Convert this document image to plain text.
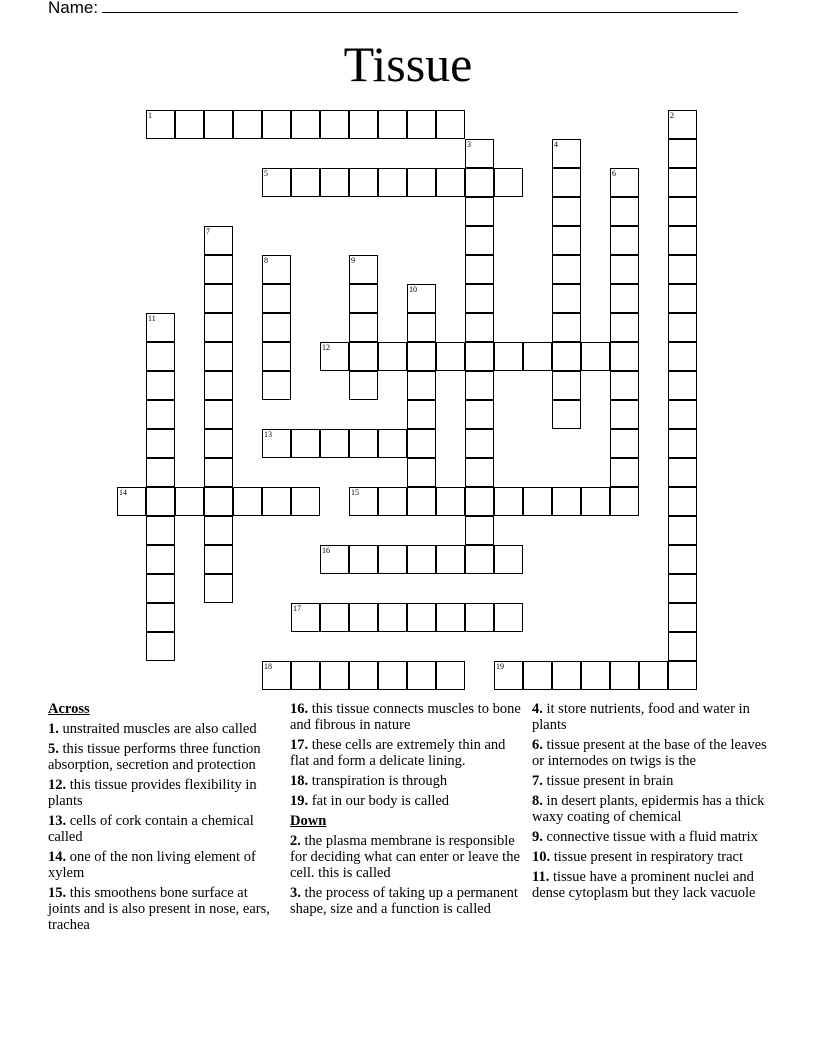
Name:
Tissue
1	2
3	4
5	6
7
8	9
10
11
12
13
14	15
16
17
18	19
Across
1. unstraited muscles are also called
5. this tissue performs three function absorption, secretion and protection
12. this tissue provides flexibility in plants
13. cells of cork contain a chemical called
14. one of the non living element of xylem
15. this smoothens bone surface at joints and is also present in nose, ears, trachea
16. this tissue connects muscles to bone and fibrous in nature
17. these cells are extremely thin and flat and form a delicate lining.
18. transpiration is through
19. fat in our body is called
Down
2. the plasma membrane is responsible for deciding what can enter or leave the cell. this is called
3. the process of taking up a permanent shape, size and a function is called
4. it store nutrients, food and water in plants
6. tissue present at the base of the leaves or internodes on twigs is the
7. tissue present in brain
8. in desert plants, epidermis has a thick waxy coating of chemical
9. connective tissue with a fluid matrix
10. tissue present in respiratory tract
11. tissue have a prominent nuclei and dense cytoplasm but they lack vacuole
